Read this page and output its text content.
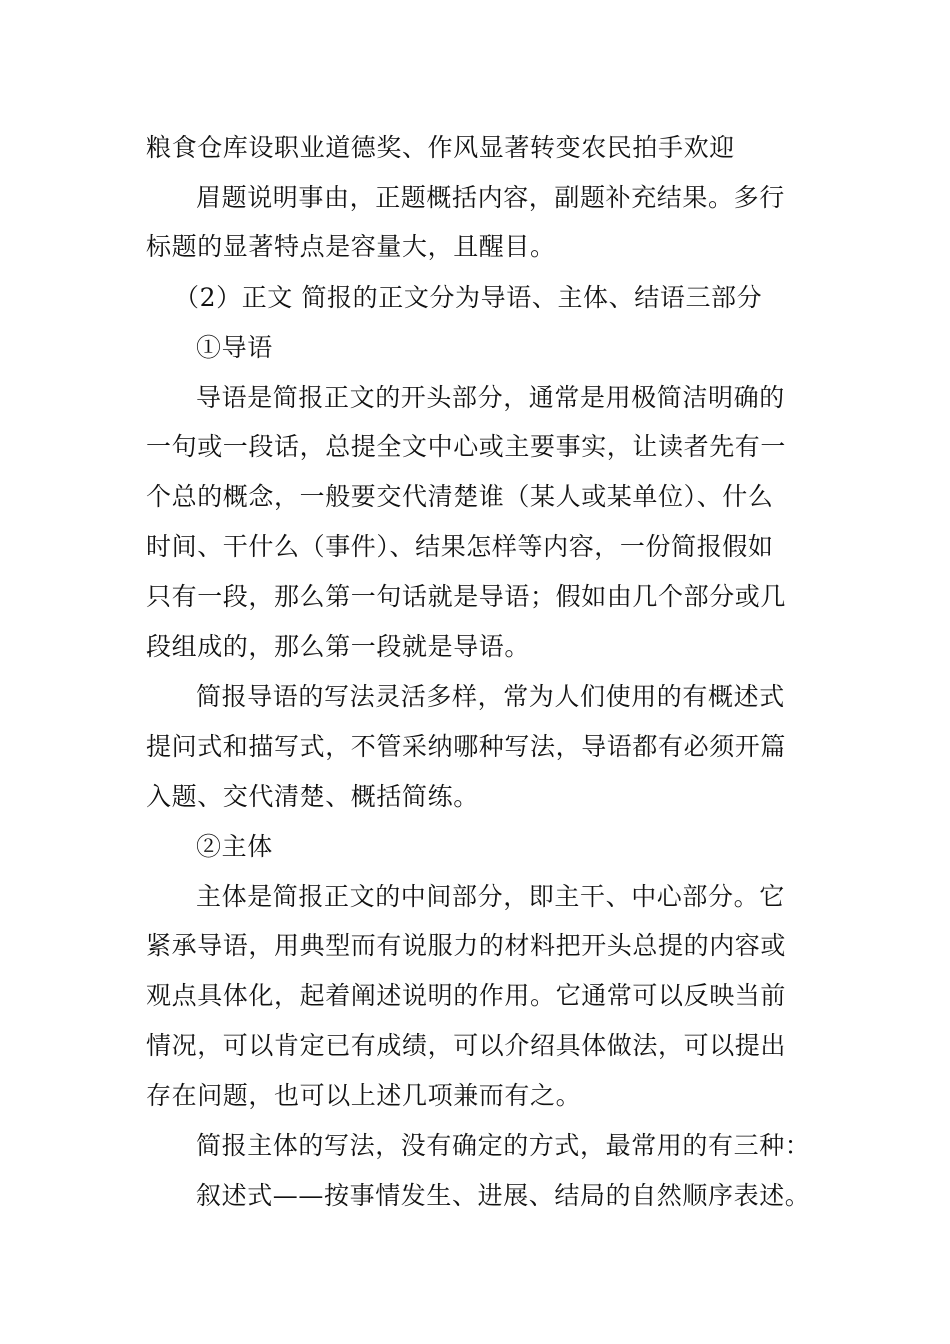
粮食仓库设职业道德奖、作风显著转变农民拍手欢迎
眉题说明事由，正题概括内容，副题补充结果。多行
标题的显著特点是容量大，且醒目。
（2）正文 简报的正文分为导语、主体、结语三部分
①导语
导语是简报正文的开头部分，通常是用极简洁明确的
一句或一段话，总提全文中心或主要事实，让读者先有一
个总的概念，一般要交代清楚谁（某人或某单位）、什么
时间、干什么（事件）、结果怎样等内容，一份简报假如
只有一段，那么第一句话就是导语；假如由几个部分或几
段组成的，那么第一段就是导语。
简报导语的写法灵活多样，常为人们使用的有概述式
提问式和描写式，不管采纳哪种写法，导语都有必须开篇
入题、交代清楚、概括简练。
②主体
主体是简报正文的中间部分，即主干、中心部分。它
紧承导语，用典型而有说服力的材料把开头总提的内容或
观点具体化，起着阐述说明的作用。它通常可以反映当前
情况，可以肯定已有成绩，可以介绍具体做法，可以提出
存在问题，也可以上述几项兼而有之。
简报主体的写法，没有确定的方式，最常用的有三种：
叙述式——按事情发生、进展、结局的自然顺序表述。
